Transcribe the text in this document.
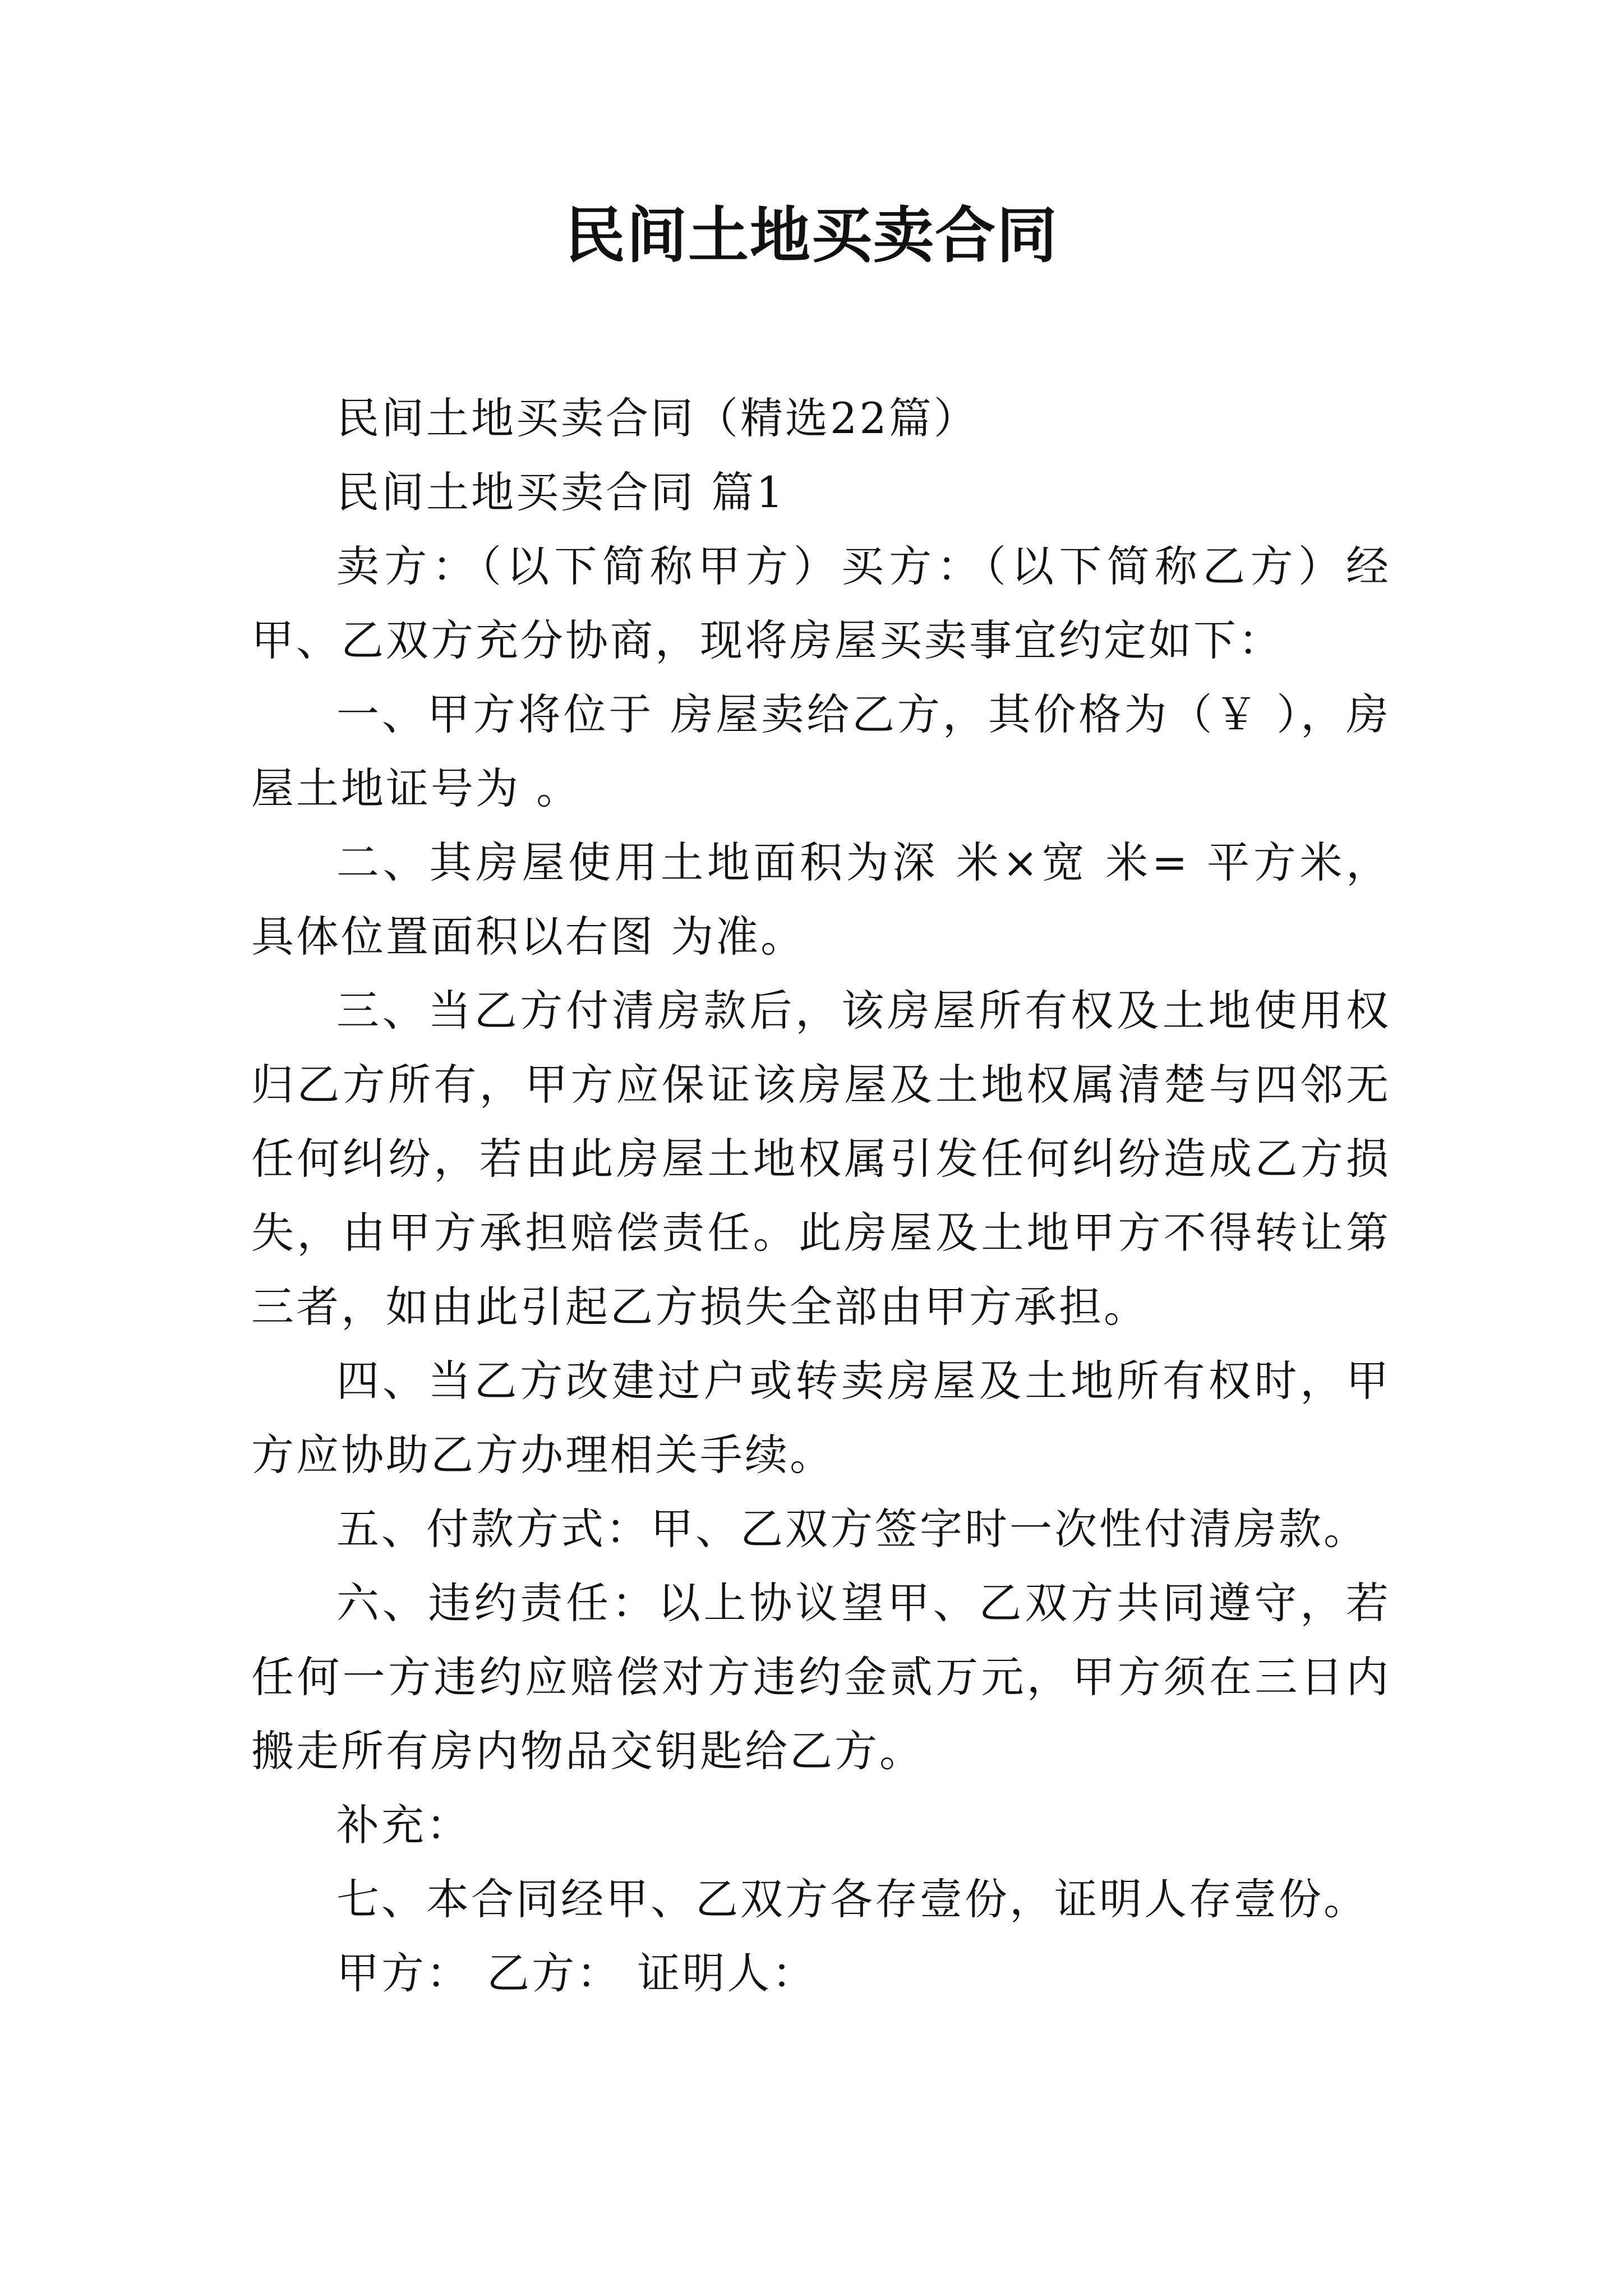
民间土地买卖合同

民间土地买卖合同（精选22篇）

民间土地买卖合同 篇1

卖方：（以下简称甲方）买方：（以下简称乙方）经甲、乙双方充分协商，现将房屋买卖事宜约定如下：

一、甲方将位于 房屋卖给乙方，其价格为（￥ ），房屋土地证号为 。

二、其房屋使用土地面积为深 米×宽 米= 平方米，具体位置面积以右图 为准。

三、当乙方付清房款后，该房屋所有权及土地使用权归乙方所有，甲方应保证该房屋及土地权属清楚与四邻无任何纠纷，若由此房屋土地权属引发任何纠纷造成乙方损失，由甲方承担赔偿责任。此房屋及土地甲方不得转让第三者，如由此引起乙方损失全部由甲方承担。

四、当乙方改建过户或转卖房屋及土地所有权时，甲方应协助乙方办理相关手续。

五、付款方式：甲、乙双方签字时一次性付清房款。

六、违约责任：以上协议望甲、乙双方共同遵守，若任何一方违约应赔偿对方违约金贰万元，甲方须在三日内搬走所有房内物品交钥匙给乙方。

补充：

七、本合同经甲、乙双方各存壹份，证明人存壹份。

甲方： 乙方： 证明人：
